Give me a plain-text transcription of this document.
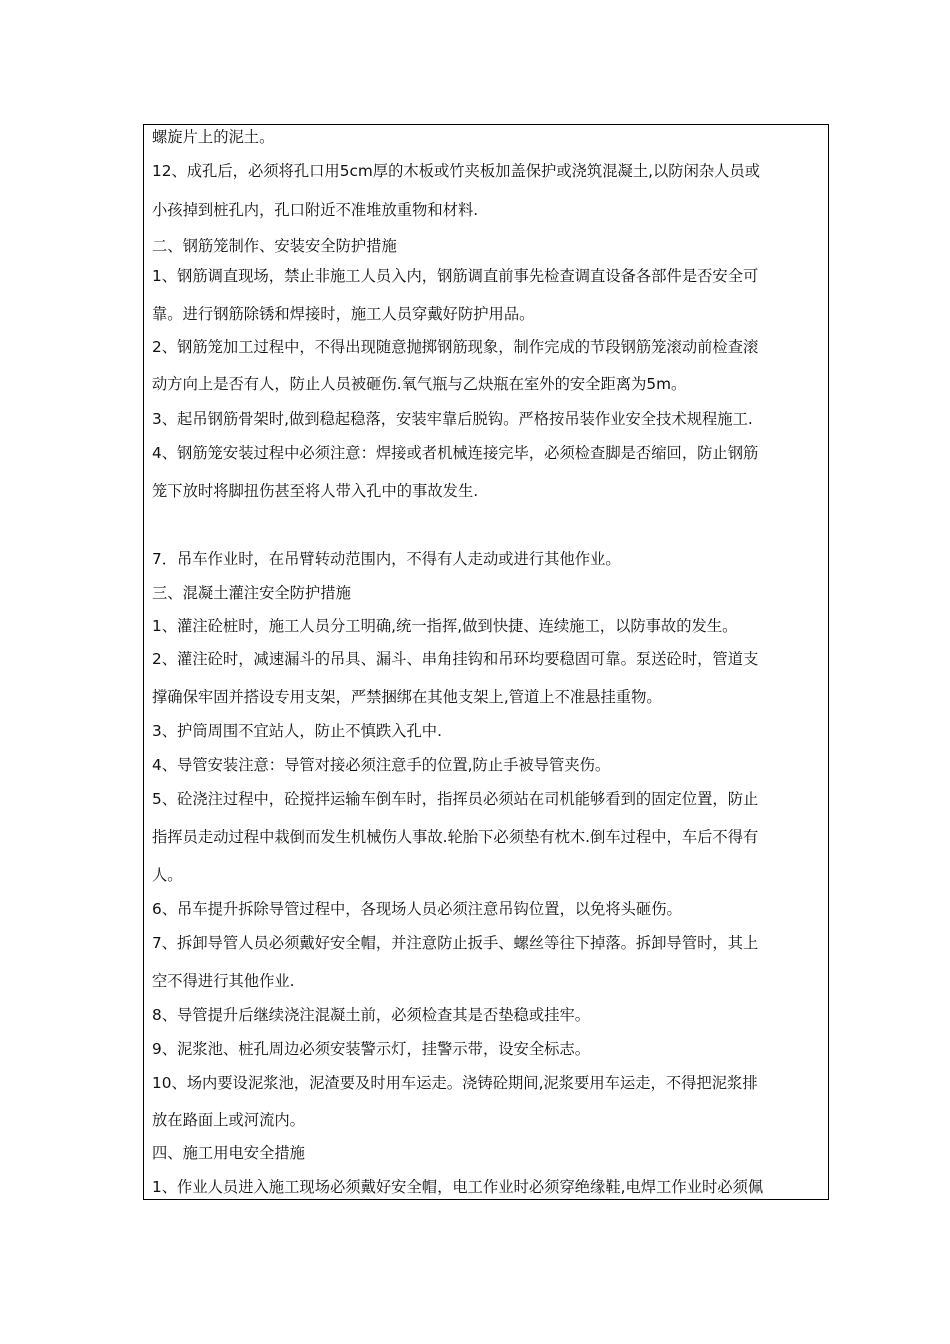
螺旋片上的泥土。
12、成孔后，必须将孔口用5cm厚的木板或竹夹板加盖保护或浇筑混凝土,以防闲杂人员或
小孩掉到桩孔内，孔口附近不准堆放重物和材料.
二、钢筋笼制作、安装安全防护措施
1、钢筋调直现场，禁止非施工人员入内，钢筋调直前事先检查调直设备各部件是否安全可
靠。进行钢筋除锈和焊接时，施工人员穿戴好防护用品。
2、钢筋笼加工过程中，不得出现随意抛掷钢筋现象，制作完成的节段钢筋笼滚动前检查滚
动方向上是否有人，防止人员被砸伤.氧气瓶与乙炔瓶在室外的安全距离为5m。
3、起吊钢筋骨架时,做到稳起稳落，安装牢靠后脱钩。严格按吊装作业安全技术规程施工.
4、钢筋笼安装过程中必须注意：焊接或者机械连接完毕，必须检查脚是否缩回，防止钢筋
笼下放时将脚扭伤甚至将人带入孔中的事故发生.
7．吊车作业时，在吊臂转动范围内，不得有人走动或进行其他作业。
三、混凝土灌注安全防护措施
1、灌注砼桩时，施工人员分工明确,统一指挥,做到快捷、连续施工，以防事故的发生。
2、灌注砼时，减速漏斗的吊具、漏斗、串角挂钩和吊环均要稳固可靠。泵送砼时，管道支
撑确保牢固并搭设专用支架，严禁捆绑在其他支架上,管道上不准悬挂重物。
3、护筒周围不宜站人，防止不慎跌入孔中.
4、导管安装注意：导管对接必须注意手的位置,防止手被导管夹伤。
5、砼浇注过程中，砼搅拌运输车倒车时，指挥员必须站在司机能够看到的固定位置，防止
指挥员走动过程中栽倒而发生机械伤人事故.轮胎下必须垫有枕木.倒车过程中，车后不得有
人。
6、吊车提升拆除导管过程中，各现场人员必须注意吊钩位置，以免将头砸伤。
7、拆卸导管人员必须戴好安全帽，并注意防止扳手、螺丝等往下掉落。拆卸导管时，其上
空不得进行其他作业.
8、导管提升后继续浇注混凝土前，必须检查其是否垫稳或挂牢。
9、泥浆池、桩孔周边必须安装警示灯，挂警示带，设安全标志。
10、场内要设泥浆池，泥渣要及时用车运走。浇铸砼期间,泥浆要用车运走，不得把泥浆排
放在路面上或河流内。
四、施工用电安全措施
1、作业人员进入施工现场必须戴好安全帽，电工作业时必须穿绝缘鞋,电焊工作业时必须佩
